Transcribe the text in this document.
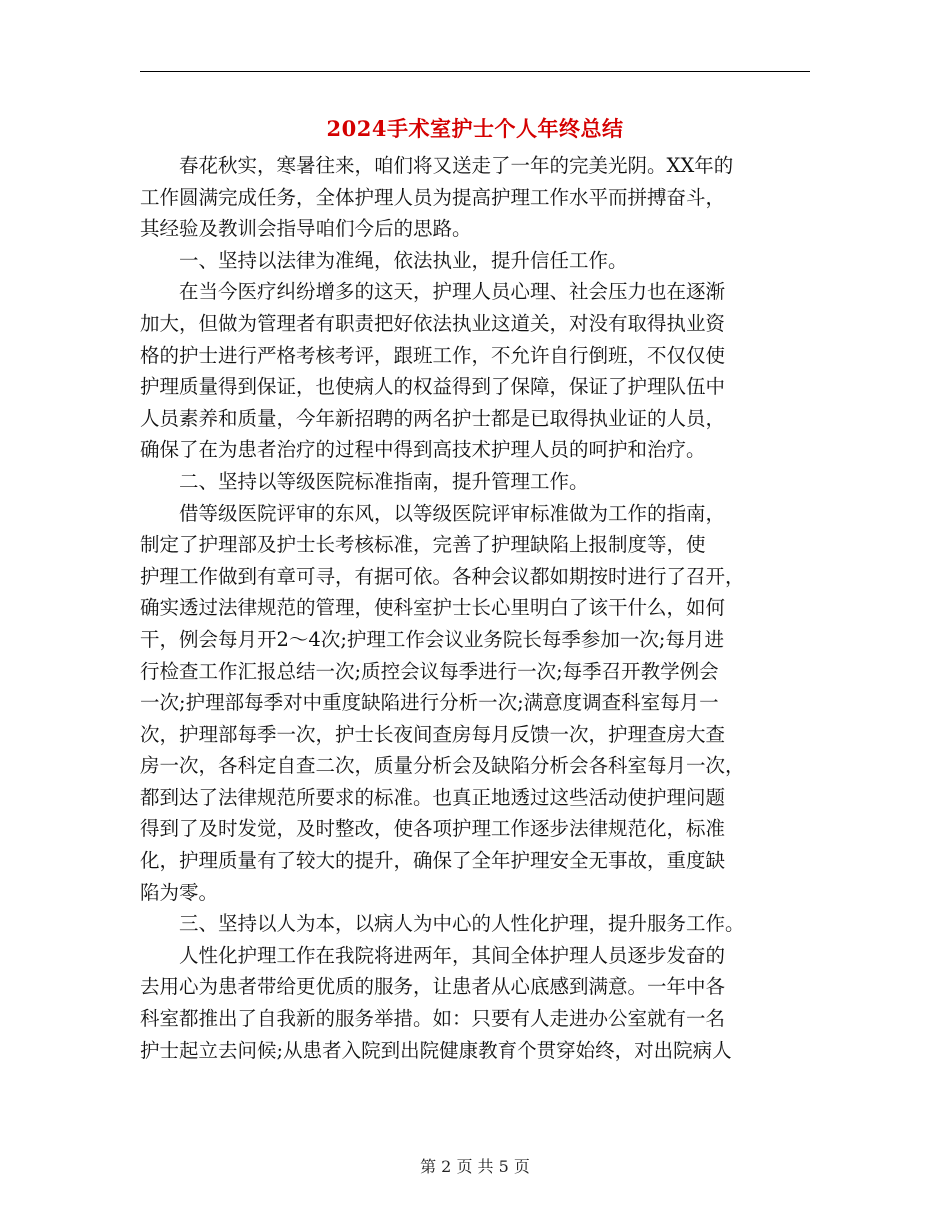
2024手术室护士个人年终总结
　　春花秋实，寒暑往来，咱们将又送走了一年的完美光阴。XX年的
工作圆满完成任务，全体护理人员为提高护理工作水平而拼搏奋斗，
其经验及教训会指导咱们今后的思路。
　　一、坚持以法律为准绳，依法执业，提升信任工作。
　　在当今医疗纠纷增多的这天，护理人员心理、社会压力也在逐渐
加大，但做为管理者有职责把好依法执业这道关，对没有取得执业资
格的护士进行严格考核考评，跟班工作，不允许自行倒班，不仅仅使
护理质量得到保证，也使病人的权益得到了保障，保证了护理队伍中
人员素养和质量，今年新招聘的两名护士都是已取得执业证的人员，
确保了在为患者治疗的过程中得到高技术护理人员的呵护和治疗。
　　二、坚持以等级医院标准指南，提升管理工作。
　　借等级医院评审的东风，以等级医院评审标准做为工作的指南，
制定了护理部及护士长考核标准，完善了护理缺陷上报制度等，使
护理工作做到有章可寻，有据可依。各种会议都如期按时进行了召开，
确实透过法律规范的管理，使科室护士长心里明白了该干什么，如何
干，例会每月开2～4次;护理工作会议业务院长每季参加一次;每月进
行检查工作汇报总结一次;质控会议每季进行一次;每季召开教学例会
一次;护理部每季对中重度缺陷进行分析一次;满意度调查科室每月一
次，护理部每季一次，护士长夜间查房每月反馈一次，护理查房大查
房一次，各科定自查二次，质量分析会及缺陷分析会各科室每月一次，
都到达了法律规范所要求的标准。也真正地透过这些活动使护理问题
得到了及时发觉，及时整改，使各项护理工作逐步法律规范化，标准
化，护理质量有了较大的提升，确保了全年护理安全无事故，重度缺
陷为零。
　　三、坚持以人为本，以病人为中心的人性化护理，提升服务工作。
　　人性化护理工作在我院将进两年，其间全体护理人员逐步发奋的
去用心为患者带给更优质的服务，让患者从心底感到满意。一年中各
科室都推出了自我新的服务举措。如：只要有人走进办公室就有一名
护士起立去问候;从患者入院到出院健康教育个贯穿始终，对出院病人
第 2 页 共 5 页
